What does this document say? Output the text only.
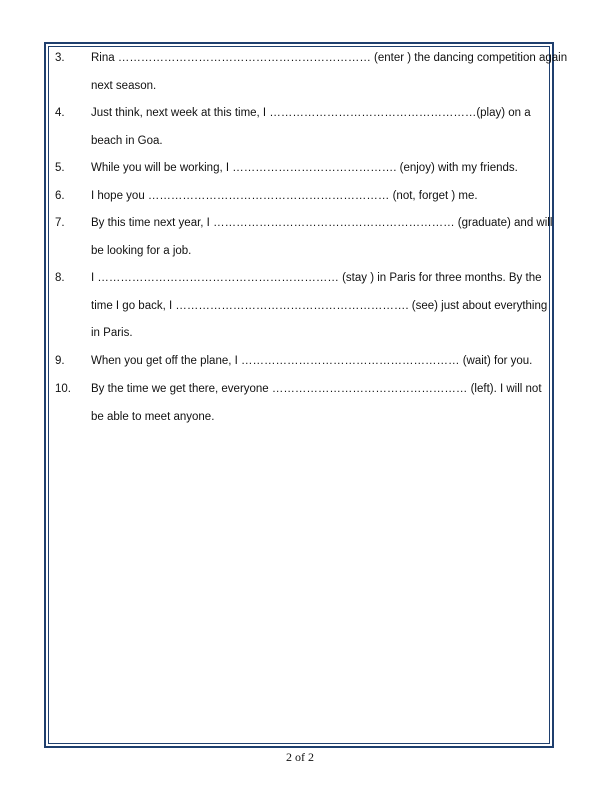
3. Rina ………………………………………………………… (enter ) the dancing competition again
next season.
4. Just think, next week at this time, I ………………………………………………(play) on a
beach in Goa.
5. While you will be working, I ……………………………………. (enjoy) with my friends.
6. I hope you ……………………………………………………… (not, forget ) me.
7. By this time next year, I ……………………………………………………… (graduate) and will
be looking for a job.
8. I ……………………………………………………… (stay ) in Paris for three months. By the
time I go back, I ……………………………………………………. (see) just about everything
in Paris.
9. When you get off the plane, I ………………………………………………… (wait) for you.
10. By the time we get there, everyone …………………………………………… (left). I will not
be able to meet anyone.
2 of 2
